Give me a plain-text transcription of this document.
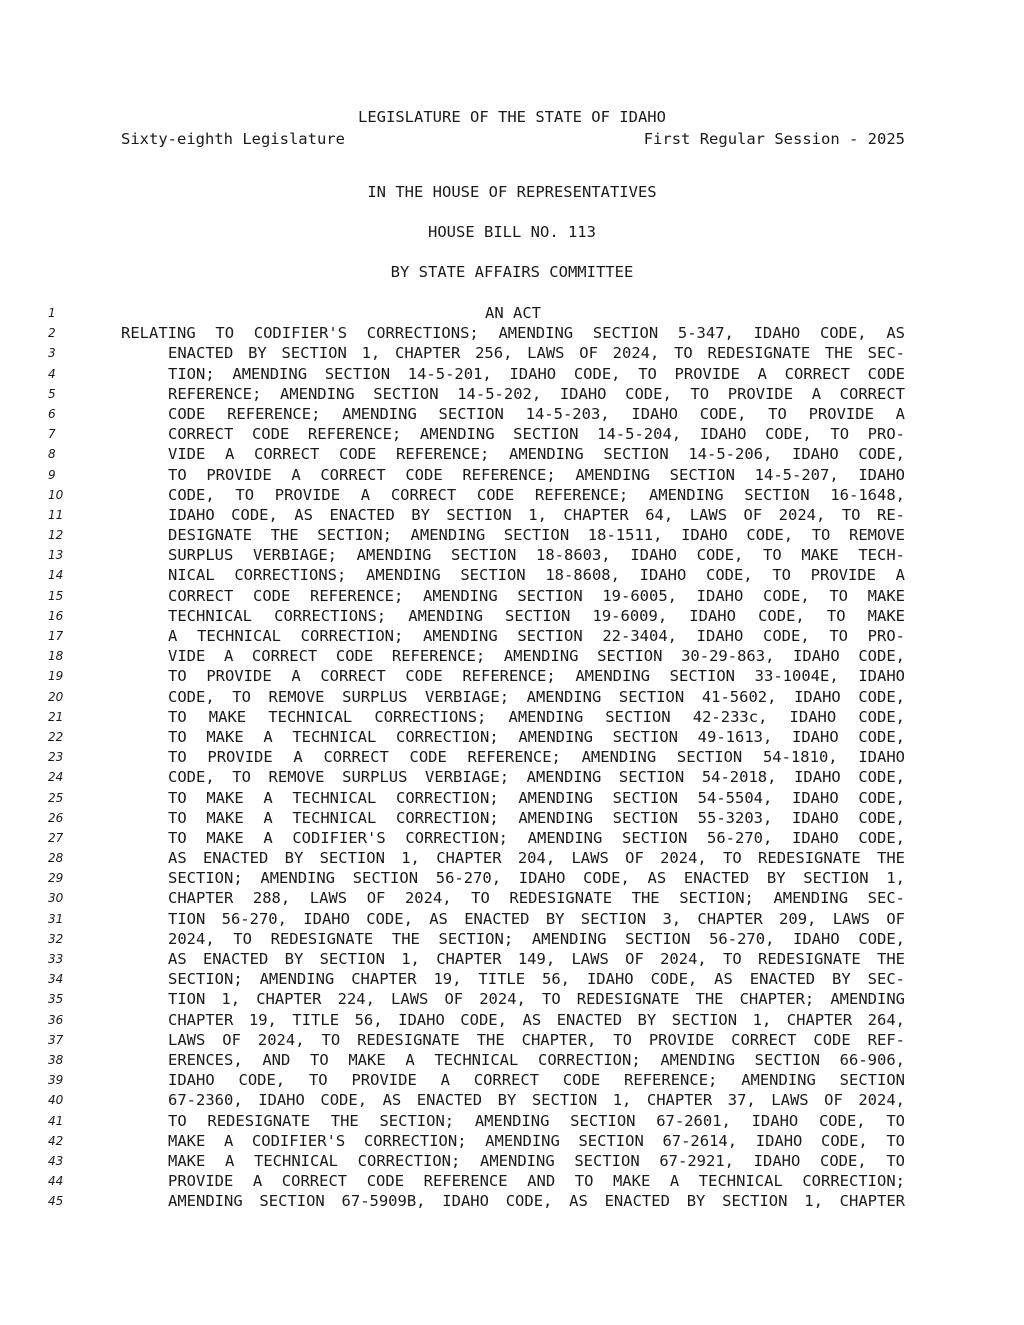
LEGISLATURE OF THE STATE OF IDAHO
Sixty-eighth Legislature	First Regular Session - 2025
IN THE HOUSE OF REPRESENTATIVES
HOUSE BILL NO. 113
BY STATE AFFAIRS COMMITTEE
1	AN ACT
2	RELATING TO CODIFIER'S CORRECTIONS; AMENDING SECTION 5-347, IDAHO CODE, AS
3	ENACTED BY SECTION 1, CHAPTER 256, LAWS OF 2024, TO REDESIGNATE THE SEC-
4	TION; AMENDING SECTION 14-5-201, IDAHO CODE, TO PROVIDE A CORRECT CODE
5	REFERENCE; AMENDING SECTION 14-5-202, IDAHO CODE, TO PROVIDE A CORRECT
6	CODE REFERENCE; AMENDING SECTION 14-5-203, IDAHO CODE, TO PROVIDE A
7	CORRECT CODE REFERENCE; AMENDING SECTION 14-5-204, IDAHO CODE, TO PRO-
8	VIDE A CORRECT CODE REFERENCE; AMENDING SECTION 14-5-206, IDAHO CODE,
9	TO PROVIDE A CORRECT CODE REFERENCE; AMENDING SECTION 14-5-207, IDAHO
10	CODE, TO PROVIDE A CORRECT CODE REFERENCE; AMENDING SECTION 16-1648,
11	IDAHO CODE, AS ENACTED BY SECTION 1, CHAPTER 64, LAWS OF 2024, TO RE-
12	DESIGNATE THE SECTION; AMENDING SECTION 18-1511, IDAHO CODE, TO REMOVE
13	SURPLUS VERBIAGE; AMENDING SECTION 18-8603, IDAHO CODE, TO MAKE TECH-
14	NICAL CORRECTIONS; AMENDING SECTION 18-8608, IDAHO CODE, TO PROVIDE A
15	CORRECT CODE REFERENCE; AMENDING SECTION 19-6005, IDAHO CODE, TO MAKE
16	TECHNICAL CORRECTIONS; AMENDING SECTION 19-6009, IDAHO CODE, TO MAKE
17	A TECHNICAL CORRECTION; AMENDING SECTION 22-3404, IDAHO CODE, TO PRO-
18	VIDE A CORRECT CODE REFERENCE; AMENDING SECTION 30-29-863, IDAHO CODE,
19	TO PROVIDE A CORRECT CODE REFERENCE; AMENDING SECTION 33-1004E, IDAHO
20	CODE, TO REMOVE SURPLUS VERBIAGE; AMENDING SECTION 41-5602, IDAHO CODE,
21	TO MAKE TECHNICAL CORRECTIONS; AMENDING SECTION 42-233c, IDAHO CODE,
22	TO MAKE A TECHNICAL CORRECTION; AMENDING SECTION 49-1613, IDAHO CODE,
23	TO PROVIDE A CORRECT CODE REFERENCE; AMENDING SECTION 54-1810, IDAHO
24	CODE, TO REMOVE SURPLUS VERBIAGE; AMENDING SECTION 54-2018, IDAHO CODE,
25	TO MAKE A TECHNICAL CORRECTION; AMENDING SECTION 54-5504, IDAHO CODE,
26	TO MAKE A TECHNICAL CORRECTION; AMENDING SECTION 55-3203, IDAHO CODE,
27	TO MAKE A CODIFIER'S CORRECTION; AMENDING SECTION 56-270, IDAHO CODE,
28	AS ENACTED BY SECTION 1, CHAPTER 204, LAWS OF 2024, TO REDESIGNATE THE
29	SECTION; AMENDING SECTION 56-270, IDAHO CODE, AS ENACTED BY SECTION 1,
30	CHAPTER 288, LAWS OF 2024, TO REDESIGNATE THE SECTION; AMENDING SEC-
31	TION 56-270, IDAHO CODE, AS ENACTED BY SECTION 3, CHAPTER 209, LAWS OF
32	2024, TO REDESIGNATE THE SECTION; AMENDING SECTION 56-270, IDAHO CODE,
33	AS ENACTED BY SECTION 1, CHAPTER 149, LAWS OF 2024, TO REDESIGNATE THE
34	SECTION; AMENDING CHAPTER 19, TITLE 56, IDAHO CODE, AS ENACTED BY SEC-
35	TION 1, CHAPTER 224, LAWS OF 2024, TO REDESIGNATE THE CHAPTER; AMENDING
36	CHAPTER 19, TITLE 56, IDAHO CODE, AS ENACTED BY SECTION 1, CHAPTER 264,
37	LAWS OF 2024, TO REDESIGNATE THE CHAPTER, TO PROVIDE CORRECT CODE REF-
38	ERENCES, AND TO MAKE A TECHNICAL CORRECTION; AMENDING SECTION 66-906,
39	IDAHO CODE, TO PROVIDE A CORRECT CODE REFERENCE; AMENDING SECTION
40	67-2360, IDAHO CODE, AS ENACTED BY SECTION 1, CHAPTER 37, LAWS OF 2024,
41	TO REDESIGNATE THE SECTION; AMENDING SECTION 67-2601, IDAHO CODE, TO
42	MAKE A CODIFIER'S CORRECTION; AMENDING SECTION 67-2614, IDAHO CODE, TO
43	MAKE A TECHNICAL CORRECTION; AMENDING SECTION 67-2921, IDAHO CODE, TO
44	PROVIDE A CORRECT CODE REFERENCE AND TO MAKE A TECHNICAL CORRECTION;
45	AMENDING SECTION 67-5909B, IDAHO CODE, AS ENACTED BY SECTION 1, CHAPTER
